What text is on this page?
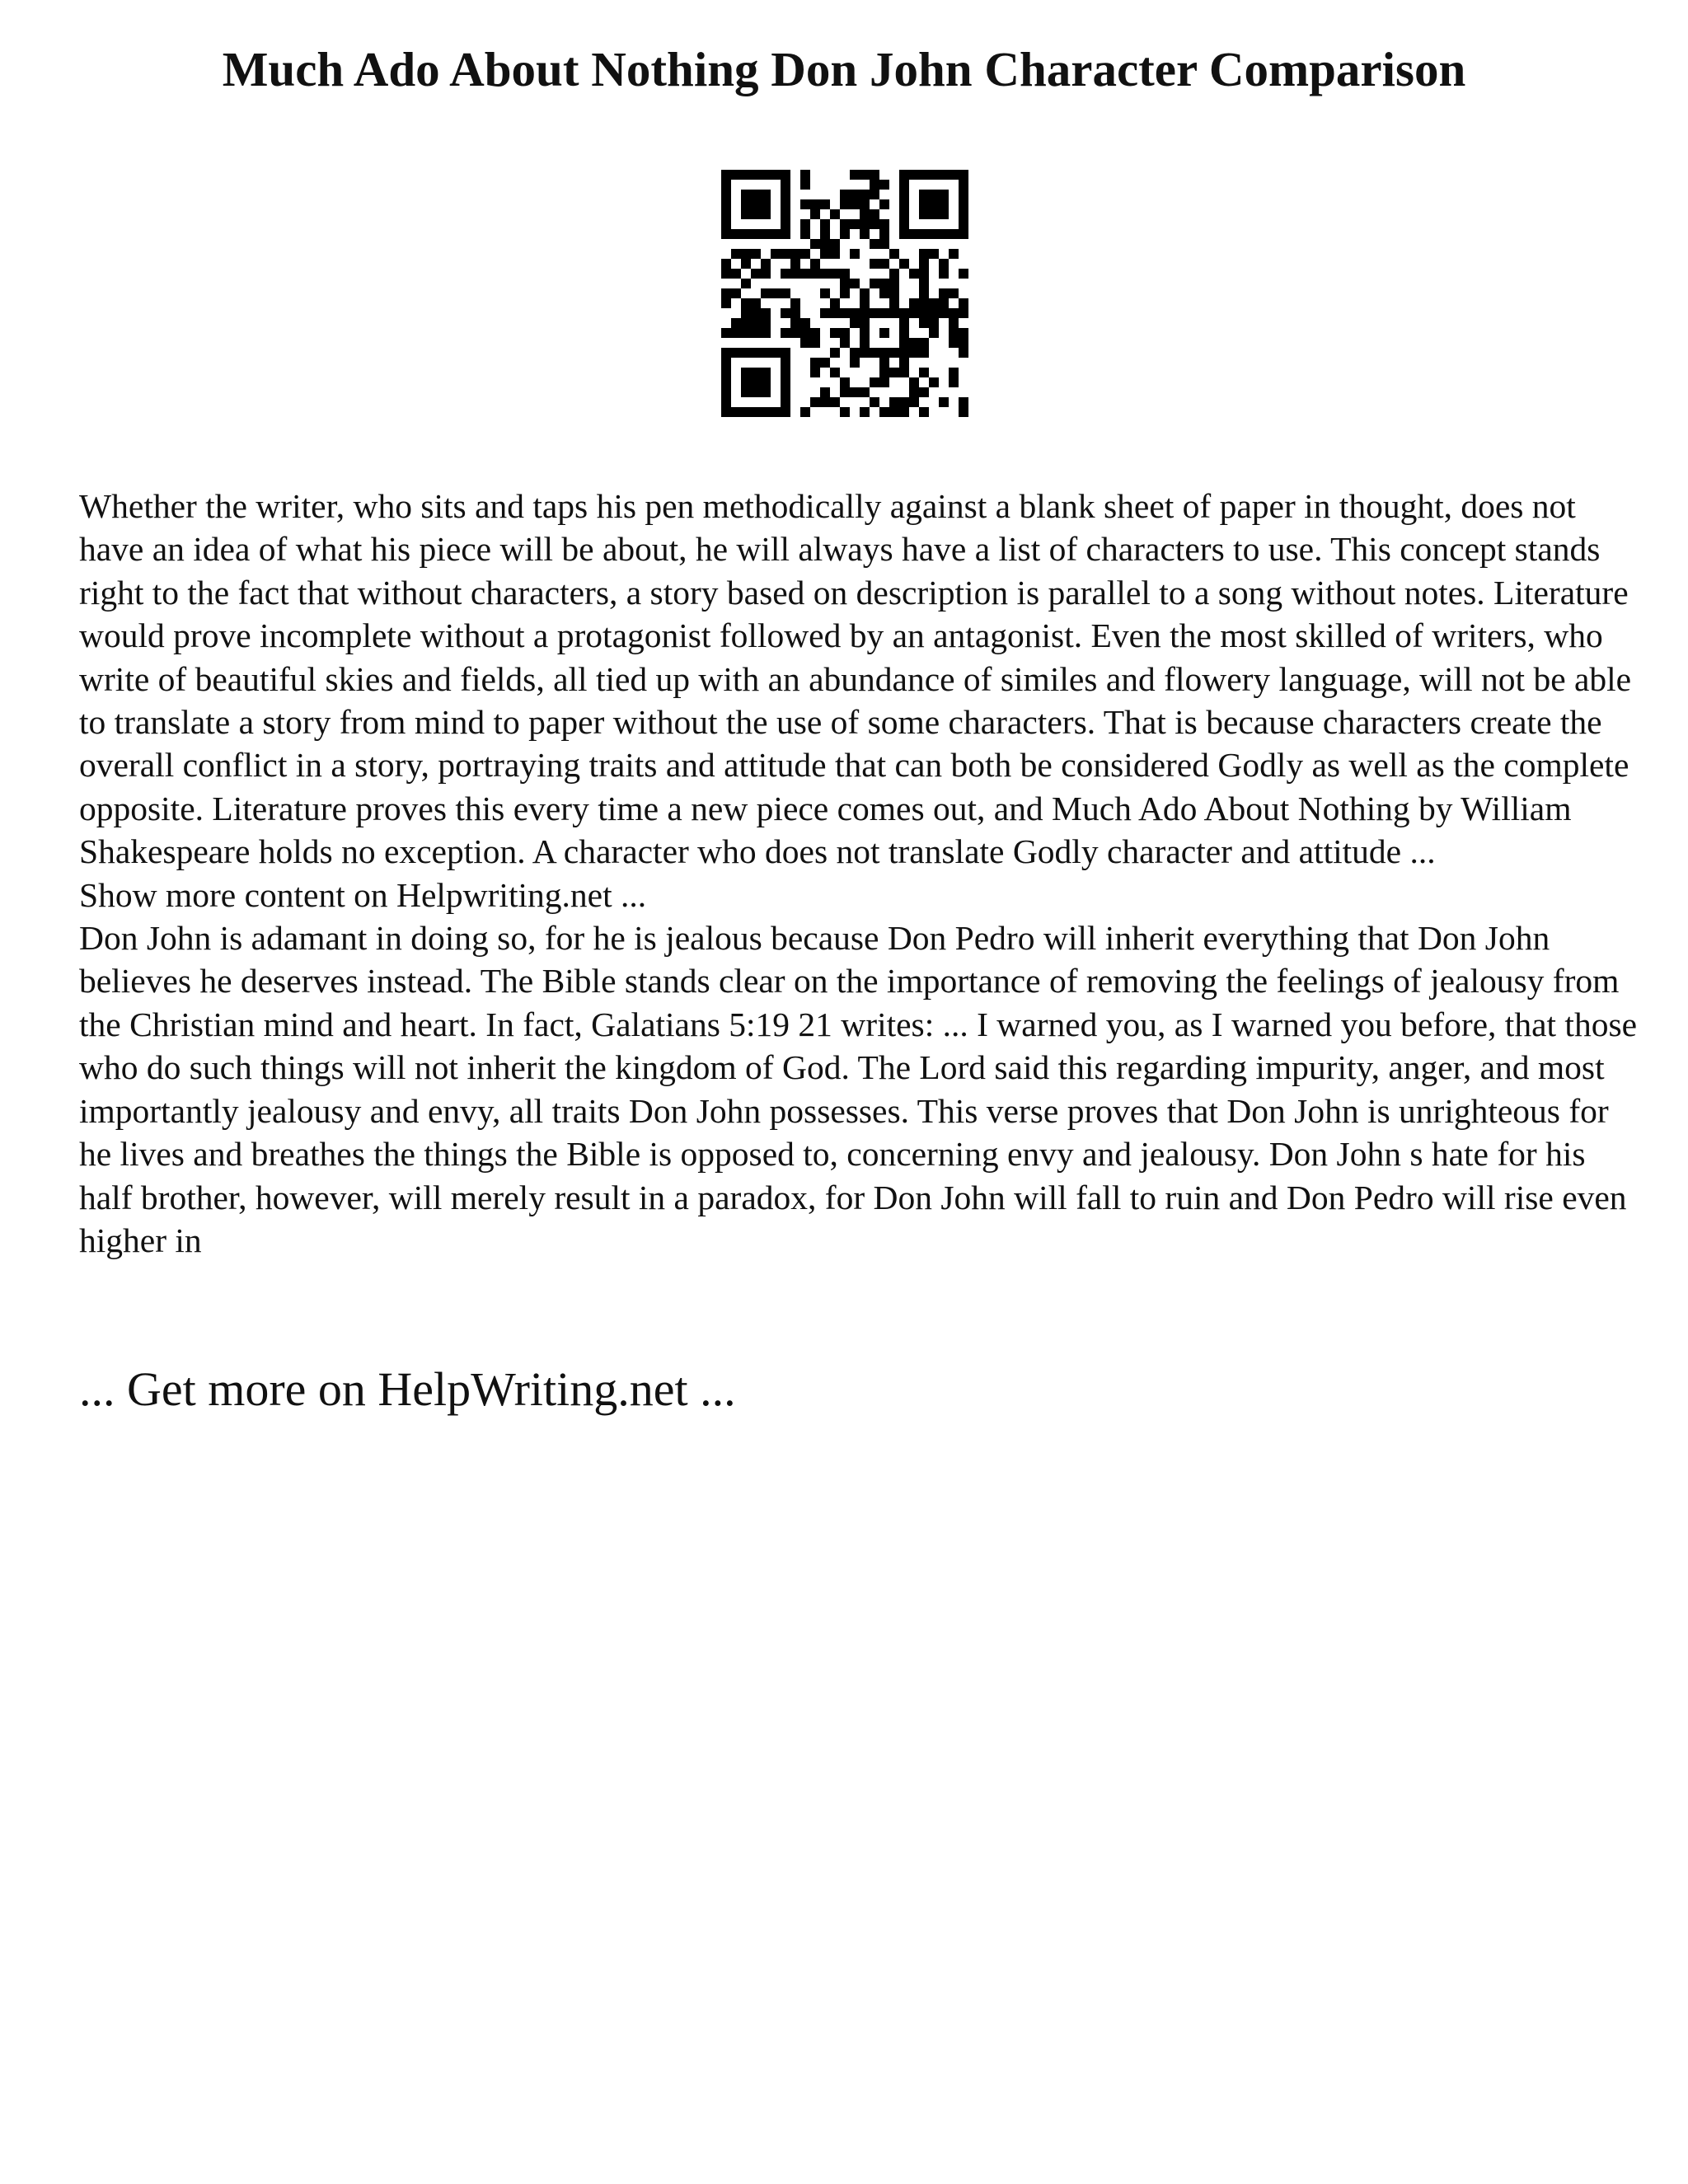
Much Ado About Nothing Don John Character Comparison

Whether the writer, who sits and taps his pen methodically against a blank sheet of paper in thought, does not have an idea of what his piece will be about, he will always have a list of characters to use. This concept stands right to the fact that without characters, a story based on description is parallel to a song without notes. Literature would prove incomplete without a protagonist followed by an antagonist. Even the most skilled of writers, who write of beautiful skies and fields, all tied up with an abundance of similes and flowery language, will not be able to translate a story from mind to paper without the use of some characters. That is because characters create the overall conflict in a story, portraying traits and attitude that can both be considered Godly as well as the complete opposite. Literature proves this every time a new piece comes out, and Much Ado About Nothing by William Shakespeare holds no exception. A character who does not translate Godly character and attitude ...

Show more content on Helpwriting.net ...

Don John is adamant in doing so, for he is jealous because Don Pedro will inherit everything that Don John believes he deserves instead. The Bible stands clear on the importance of removing the feelings of jealousy from the Christian mind and heart. In fact, Galatians 5:19 21 writes: ... I warned you, as I warned you before, that those who do such things will not inherit the kingdom of God. The Lord said this regarding impurity, anger, and most importantly jealousy and envy, all traits Don John possesses. This verse proves that Don John is unrighteous for he lives and breathes the things the Bible is opposed to, concerning envy and jealousy. Don John s hate for his half brother, however, will merely result in a paradox, for Don John will fall to ruin and Don Pedro will rise even higher in

... Get more on HelpWriting.net ...
